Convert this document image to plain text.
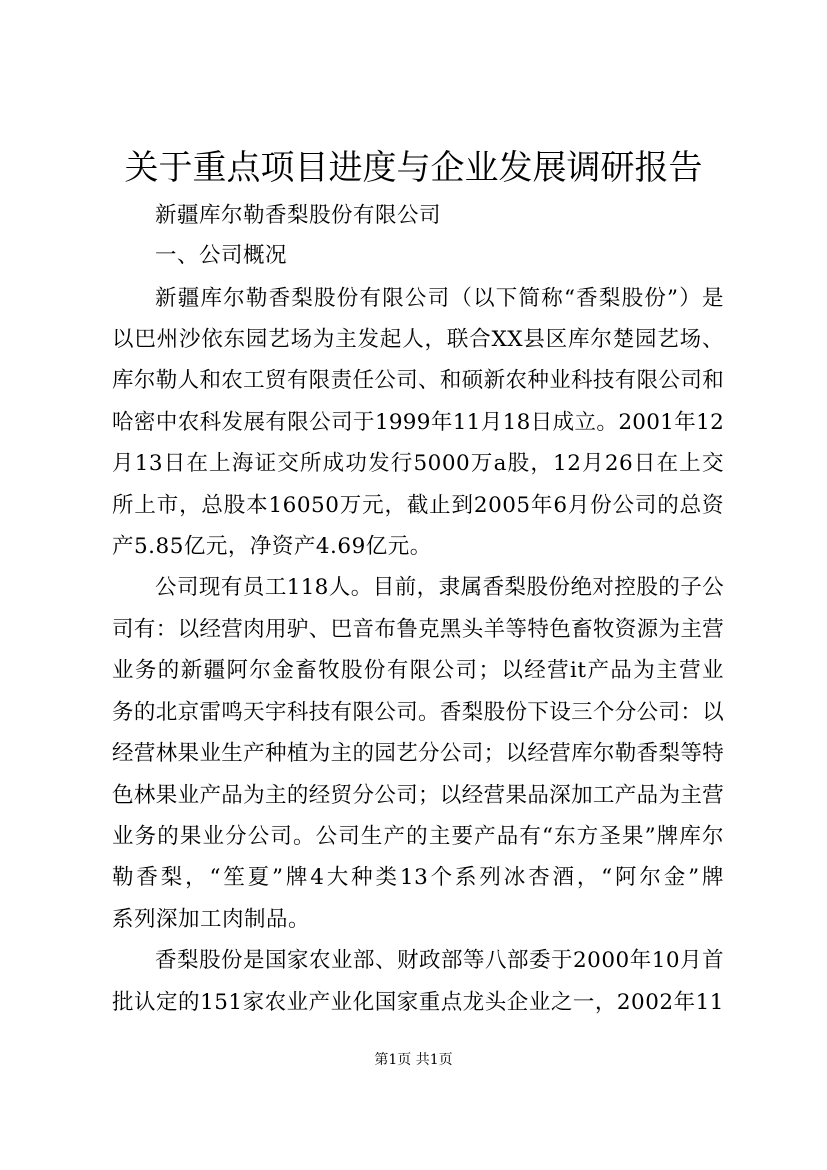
关于重点项目进度与企业发展调研报告
新疆库尔勒香梨股份有限公司
一、公司概况
新疆库尔勒香梨股份有限公司（以下简称“香梨股份”）是
以巴州沙依东园艺场为主发起人，联合XX县区库尔楚园艺场、
库尔勒人和农工贸有限责任公司、和硕新农种业科技有限公司和
哈密中农科发展有限公司于1999年11月18日成立。2001年12
月13日在上海证交所成功发行5000万a股，12月26日在上交
所上市，总股本16050万元，截止到2005年6月份公司的总资
产5.85亿元，净资产4.69亿元。
公司现有员工118人。目前，隶属香梨股份绝对控股的子公
司有：以经营肉用驴、巴音布鲁克黑头羊等特色畜牧资源为主营
业务的新疆阿尔金畜牧股份有限公司；以经营it产品为主营业
务的北京雷鸣天宇科技有限公司。香梨股份下设三个分公司：以
经营林果业生产种植为主的园艺分公司；以经营库尔勒香梨等特
色林果业产品为主的经贸分公司；以经营果品深加工产品为主营
业务的果业分公司。公司生产的主要产品有“东方圣果”牌库尔
勒香梨，“笙夏”牌4大种类13个系列冰杏酒，“阿尔金”牌
系列深加工肉制品。
香梨股份是国家农业部、财政部等八部委于2000年10月首
批认定的151家农业产业化国家重点龙头企业之一，2002年11
第1页 共1页
